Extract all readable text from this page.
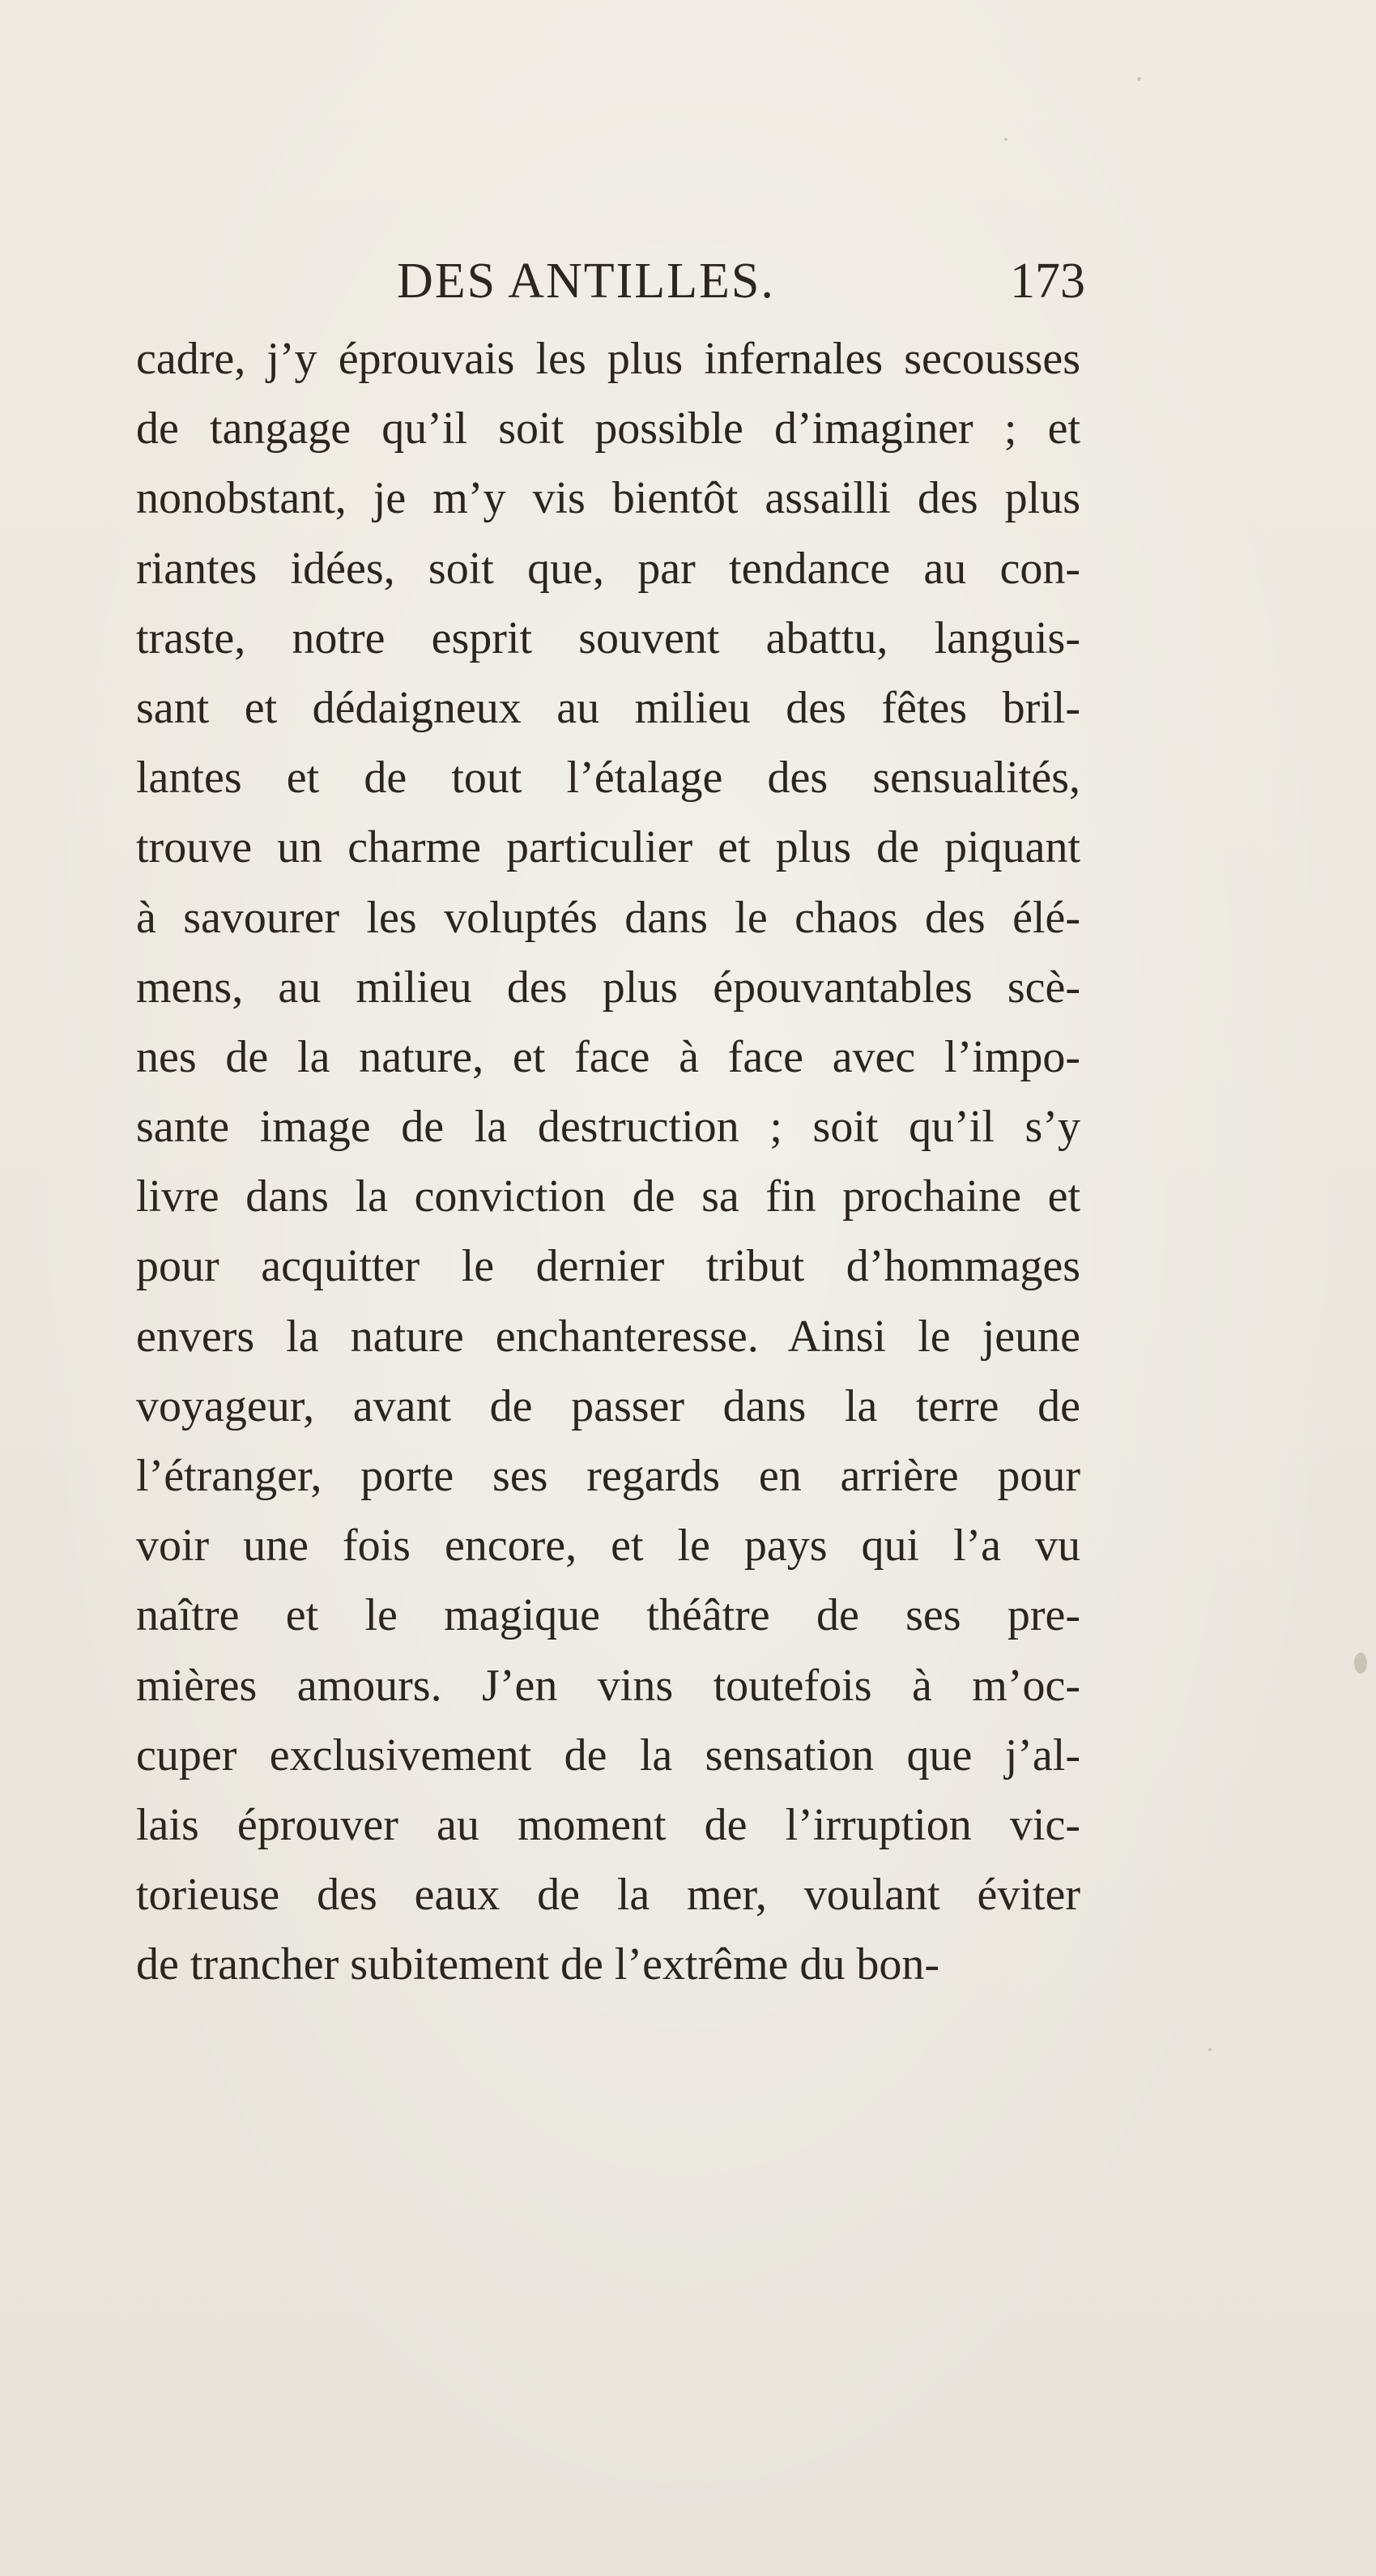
DES ANTILLES.	173
cadre, j’y éprouvais les plus infernales secousses
de tangage qu’il soit possible d’imaginer ; et
nonobstant, je m’y vis bientôt assailli des plus
riantes idées, soit que, par tendance au con-
traste, notre esprit souvent abattu, languis-
sant et dédaigneux au milieu des fêtes bril-
lantes et de tout l’étalage des sensualités,
trouve un charme particulier et plus de piquant
à savourer les voluptés dans le chaos des élé-
mens, au milieu des plus épouvantables scè-
nes de la nature, et face à face avec l’impo-
sante image de la destruction ; soit qu’il s’y
livre dans la conviction de sa fin prochaine et
pour acquitter le dernier tribut d’hommages
envers la nature enchanteresse. Ainsi le jeune
voyageur, avant de passer dans la terre de
l’étranger, porte ses regards en arrière pour
voir une fois encore, et le pays qui l’a vu
naître et le magique théâtre de ses pre-
mières amours. J’en vins toutefois à m’oc-
cuper exclusivement de la sensation que j’al-
lais éprouver au moment de l’irruption vic-
torieuse des eaux de la mer, voulant éviter
de trancher subitement de l’extrême du bon-
